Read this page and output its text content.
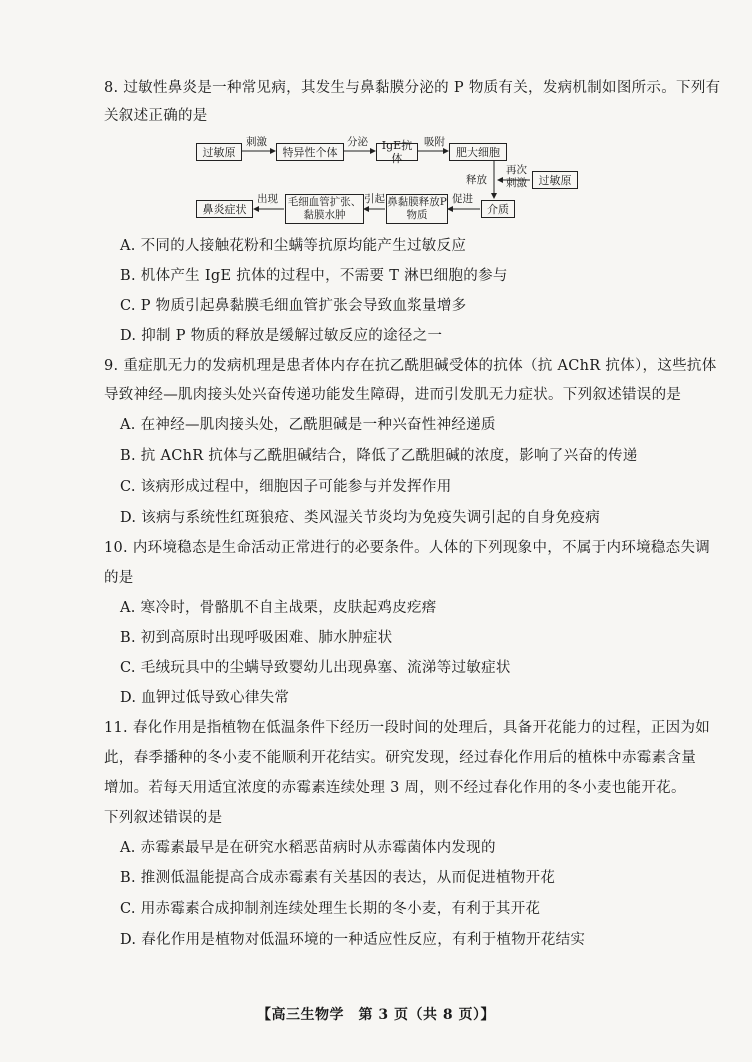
8. 过敏性鼻炎是一种常见病，其发生与鼻黏膜分泌的 P 物质有关，发病机制如图所示。下列有
关叙述正确的是
过敏原
刺激
特异性个体
分泌	IgE抗体
吸附
肥大细胞
释放
再次
刺激	过敏原
介质
促进
鼻黏膜释放P物质
引起
毛细血管扩张、黏膜水肿
出现
鼻炎症状
A. 不同的人接触花粉和尘螨等抗原均能产生过敏反应
B. 机体产生 IgE 抗体的过程中，不需要 T 淋巴细胞的参与
C. P 物质引起鼻黏膜毛细血管扩张会导致血浆量增多
D. 抑制 P 物质的释放是缓解过敏反应的途径之一
9. 重症肌无力的发病机理是患者体内存在抗乙酰胆碱受体的抗体（抗 AChR 抗体），这些抗体
导致神经—肌肉接头处兴奋传递功能发生障碍，进而引发肌无力症状。下列叙述错误的是
A. 在神经—肌肉接头处，乙酰胆碱是一种兴奋性神经递质
B. 抗 AChR 抗体与乙酰胆碱结合，降低了乙酰胆碱的浓度，影响了兴奋的传递
C. 该病形成过程中，细胞因子可能参与并发挥作用
D. 该病与系统性红斑狼疮、类风湿关节炎均为免疫失调引起的自身免疫病
10. 内环境稳态是生命活动正常进行的必要条件。人体的下列现象中，不属于内环境稳态失调
的是
A. 寒冷时，骨骼肌不自主战栗，皮肤起鸡皮疙瘩
B. 初到高原时出现呼吸困难、肺水肿症状
C. 毛绒玩具中的尘螨导致婴幼儿出现鼻塞、流涕等过敏症状
D. 血钾过低导致心律失常
11. 春化作用是指植物在低温条件下经历一段时间的处理后，具备开花能力的过程，正因为如
此，春季播种的冬小麦不能顺利开花结实。研究发现，经过春化作用后的植株中赤霉素含量
增加。若每天用适宜浓度的赤霉素连续处理 3 周，则不经过春化作用的冬小麦也能开花。
下列叙述错误的是
A. 赤霉素最早是在研究水稻恶苗病时从赤霉菌体内发现的
B. 推测低温能提高合成赤霉素有关基因的表达，从而促进植物开花
C. 用赤霉素合成抑制剂连续处理生长期的冬小麦，有利于其开花
D. 春化作用是植物对低温环境的一种适应性反应，有利于植物开花结实
【高三生物学　第 3 页（共 8 页）】
